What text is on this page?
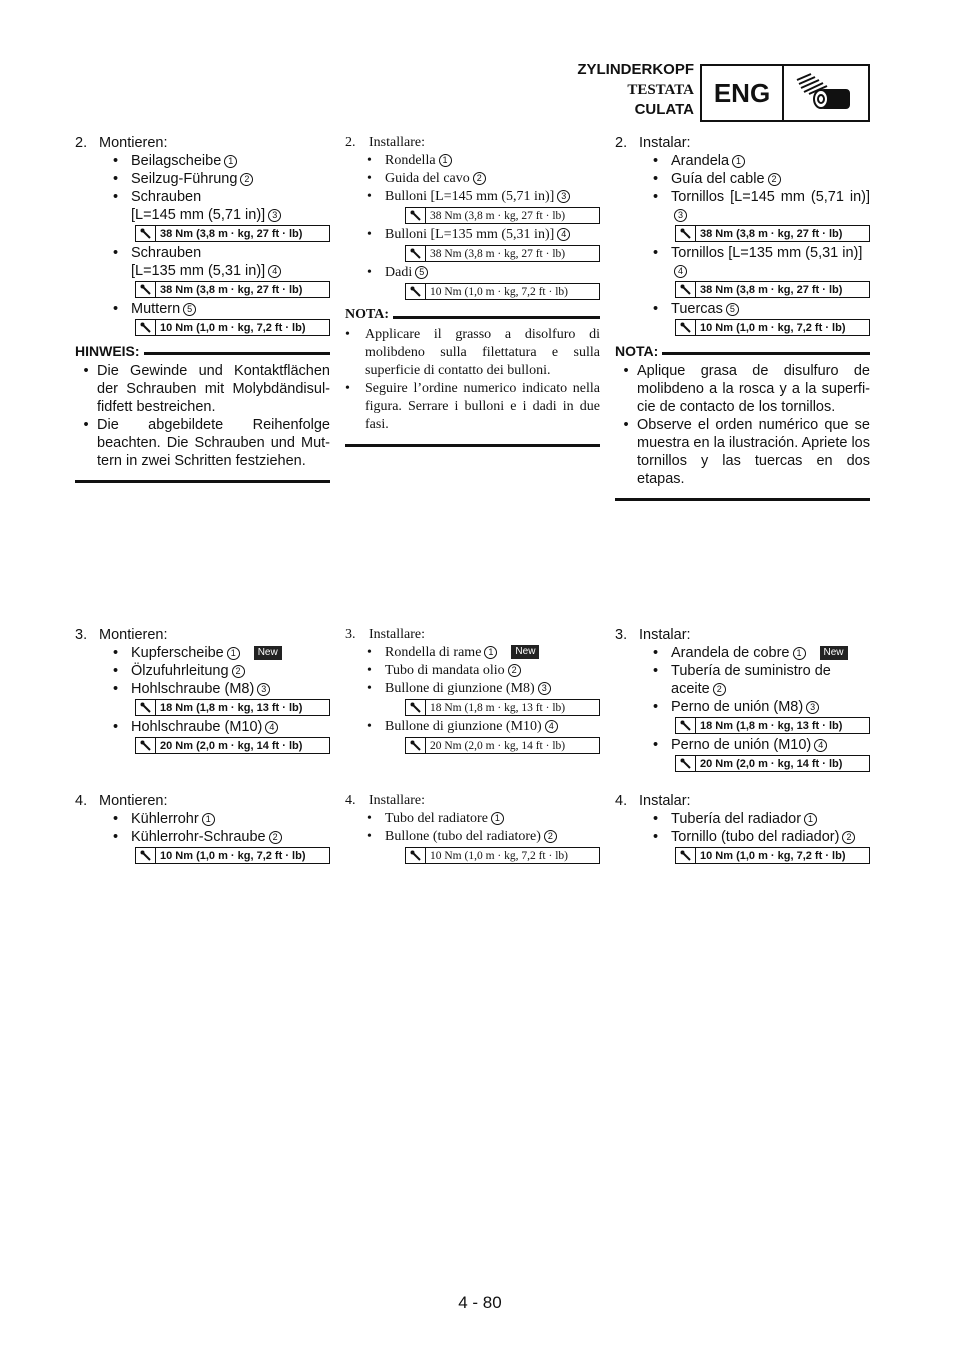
ZYLINDERKOPF
TESTATA
CULATA
ENG
2. Montieren:
• Beilagscheibe 1
• Seilzug-Führung 2
• Schrauben
[L=145 mm (5,71 in)] 3
38 Nm (3,8 m · kg, 27 ft · lb)
• Schrauben
[L=135 mm (5,31 in)] 4
38 Nm (3,8 m · kg, 27 ft · lb)
• Muttern 5
10 Nm (1,0 m · kg, 7,2 ft · lb)
HINWEIS:
• Die Gewinde und Kontaktflächen der Schrauben mit Molybdändisul-fidfett bestreichen.
• Die abgebildete Reihenfolge beachten. Die Schrauben und Mut-tern in zwei Schritten festziehen.
3. Montieren:
• Kupferscheibe 1 New
• Ölzufuhrleitung 2
• Hohlschraube (M8) 3
18 Nm (1,8 m · kg, 13 ft · lb)
• Hohlschraube (M10) 4
20 Nm (2,0 m · kg, 14 ft · lb)
4. Montieren:
• Kühlerrohr 1
• Kühlerrohr-Schraube 2
10 Nm (1,0 m · kg, 7,2 ft · lb)
2. Installare:
• Rondella 1
• Guida del cavo 2
• Bulloni [L=145 mm (5,71 in)] 3
38 Nm (3,8 m · kg, 27 ft · lb)
• Bulloni [L=135 mm (5,31 in)] 4
38 Nm (3,8 m · kg, 27 ft · lb)
• Dadi 5
10 Nm (1,0 m · kg, 7,2 ft · lb)
NOTA:
•	Applicare il grasso a disolfuro di molibdeno sulla filettatura e sulla superficie di contatto dei bulloni.
•	Seguire l’ordine numerico indicato nella figura. Serrare i bulloni e i dadi in due fasi.
3. Installare:
• Rondella di rame 1 New
• Tubo di mandata olio 2
• Bullone di giunzione (M8) 3
18 Nm (1,8 m · kg, 13 ft · lb)
• Bullone di giunzione (M10) 4
20 Nm (2,0 m · kg, 14 ft · lb)
4. Installare:
• Tubo del radiatore 1
• Bullone (tubo del radiatore) 2
10 Nm (1,0 m · kg, 7,2 ft · lb)
2. Instalar:
• Arandela 1
• Guía del cable 2
• Tornillos [L=145 mm (5,71 in)]3
38 Nm (3,8 m · kg, 27 ft · lb)
• Tornillos [L=135 mm (5,31 in)]4
38 Nm (3,8 m · kg, 27 ft · lb)
• Tuercas 5
10 Nm (1,0 m · kg, 7,2 ft · lb)
NOTA:
• Aplique grasa de disulfuro de molibdeno a la rosca y a la superfi-cie de contacto de los tornillos.
• Observe el orden numérico que se muestra en la ilustración. Apriete los tornillos y las tuercas en dos etapas.
3. Instalar:
• Arandela de cobre 1 New
• Tubería de suministro de aceite 2
• Perno de unión (M8) 3
18 Nm (1,8 m · kg, 13 ft · lb)
• Perno de unión (M10) 4
20 Nm (2,0 m · kg, 14 ft · lb)
4. Instalar:
• Tubería del radiador 1
• Tornillo (tubo del radiador) 2
10 Nm (1,0 m · kg, 7,2 ft · lb)
4 - 80
